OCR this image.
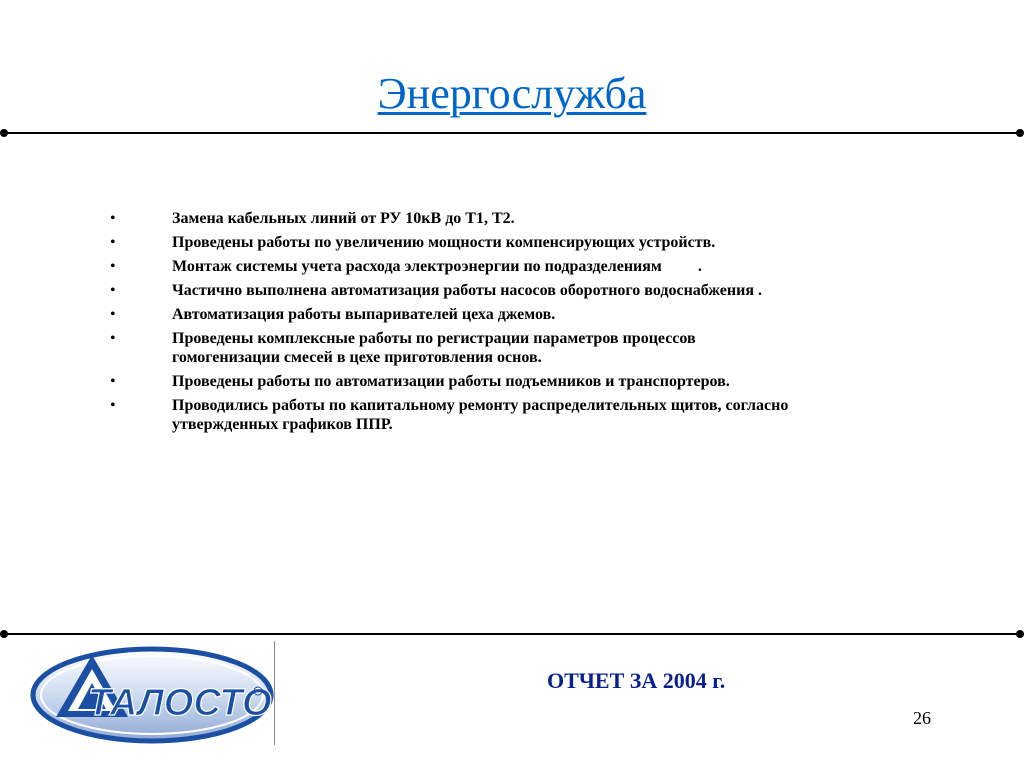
Энергослужба
•	Замена кабельных линий от РУ 10кВ до Т1, Т2.
•	Проведены работы по увеличению мощности компенсирующих устройств.
•	Монтаж системы учета расхода электроэнергии по подразделениям         .
•	Частично выполнена автоматизация работы насосов оборотного водоснабжения .
•	Автоматизация работы выпаривателей цеха джемов.
•	Проведены комплексные работы по регистрации параметров процессов гомогенизации смесей в цехе приготовления основ.
•	Проведены работы по автоматизации работы подъемников и транспортеров.
•	Проводились работы по капитальному ремонту распределительных щитов, согласно утвержденных графиков ППР.
ТАЛОСТО
ОТЧЕТ ЗА 2004 г.
26
